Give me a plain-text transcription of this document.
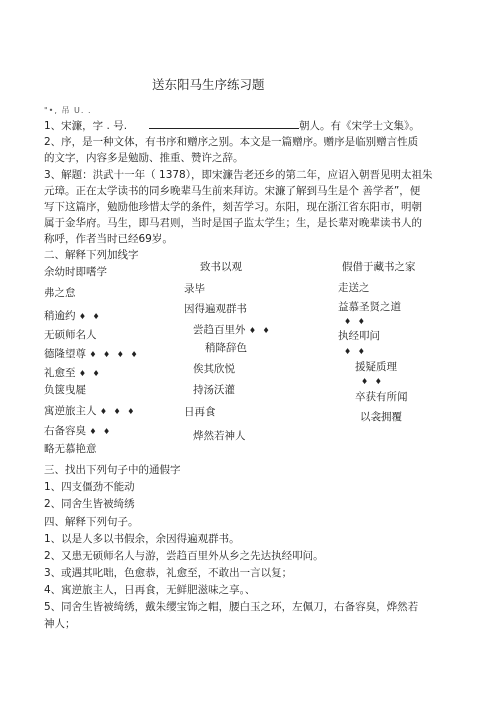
送东阳马生序练习题
"•, 吊 U. .
1、宋濂，字 . 号.	朝人。有《宋学士文集》。
2、序，是一种文体，有书序和赠序之别。本文是一篇赠序。赠序是临别赠言性质
的文字，内容多是勉励、推重、赞许之辞。
3、解题：洪武十一年（ 1378），即宋濂告老还乡的第二年，应诏入朝晋见明太祖朱
元璋。正在太学读书的同乡晚辈马生前来拜访。宋濂了解到马生是个 善学者”，便
写下这篇序，勉励他珍惜太学的条件，刻苦学习。东阳，现在浙江省东阳市，明朝
属于金华府。马生，即马君则，当时是国子监太学生；生，是长辈对晚辈读书人的
称呼，作者当时已经69岁。
二、解释下列加线字
余幼时即嗜学
弗之怠
稍逾约 ♦ ♦
无硕师名人
德隆望尊 ♦ ♦ ♦ ♦
礼愈至 ♦ ♦
负箧曳屣
寓逆旅主人 ♦ ♦ ♦
右备容臭 ♦ ♦
略无慕艳意
致书以观
录毕
因得遍观群书
尝趋百里外 ♦ ♦
稍降辞色
俟其欣悦
持汤沃灌
日再食
烨然若神人
假借于藏书之家
走送之
益慕圣贤之道
♦ ♦
执经叩问
♦ ♦
援疑质理
♦ ♦
卒获有所闻
以衾拥覆
三、找出下列句子中的通假字
1、四支僵劲不能动
2、同舍生皆被绮绣
四、解释下列句子。
1、以是人多以书假余，余因得遍观群书。
2、又患无硕师名人与游，尝趋百里外从乡之先达执经叩问。
3、或遇其叱咄，色愈恭，礼愈至，不敢出一言以复；
4、寓逆旅主人，日再食，无鲜肥滋味之享。、
5、同舍生皆被绮绣，戴朱缨宝饰之帽，腰白玉之环，左佩刀，右备容臭，烨然若
神人；
